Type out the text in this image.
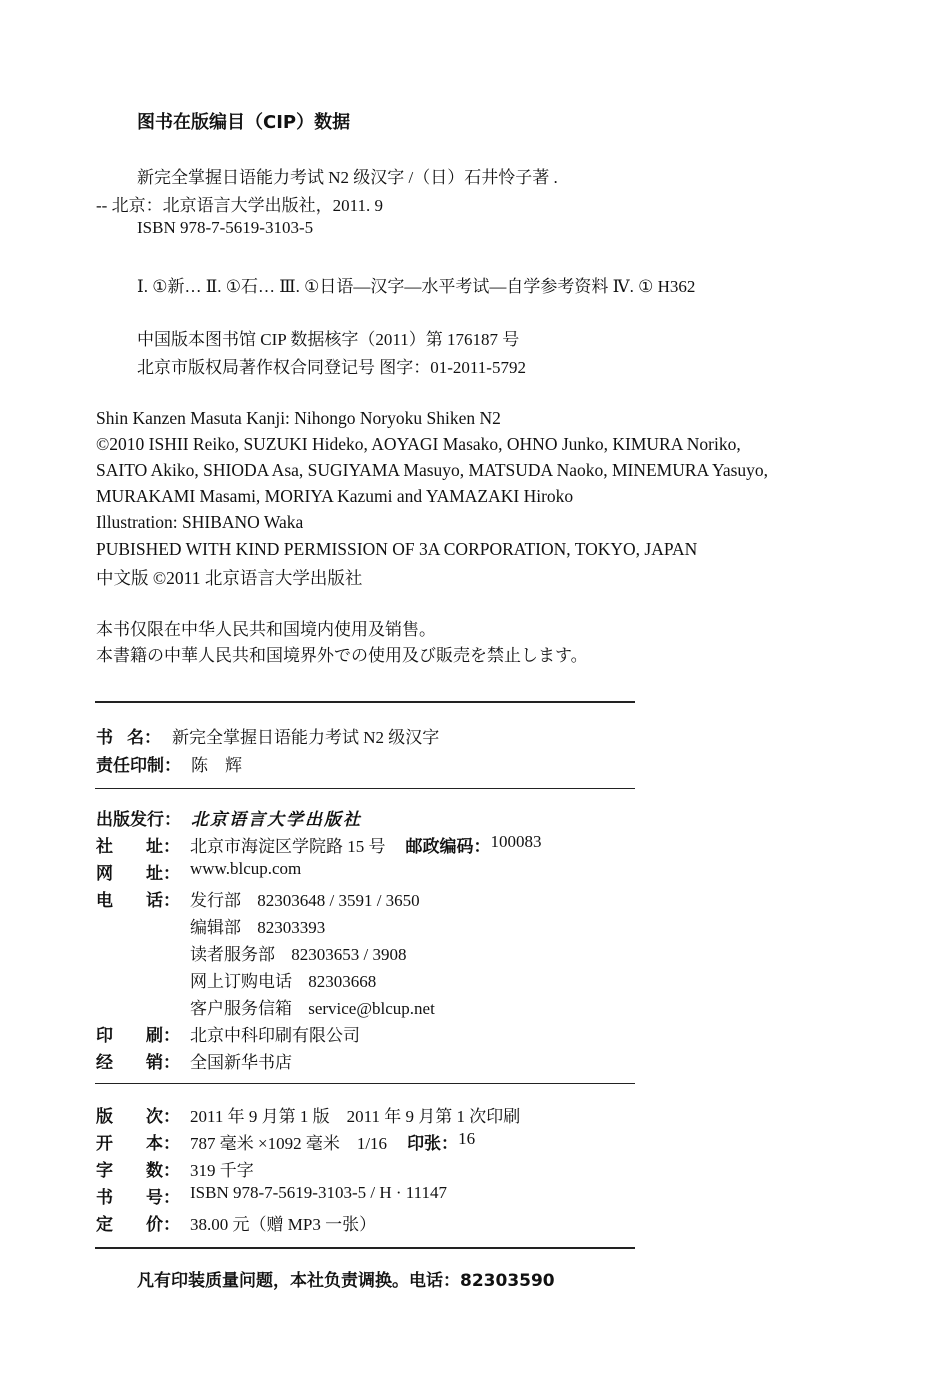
图书在版编目（CIP）数据
新完全掌握日语能力考试 N2 级汉字 /（日）石井怜子著 .
-- 北京：北京语言大学出版社，2011. 9
ISBN 978-7-5619-3103-5
Ⅰ. ①新… Ⅱ. ①石… Ⅲ. ①日语—汉字—水平考试—自学参考资料 Ⅳ. ① H362
中国版本图书馆 CIP 数据核字（2011）第 176187 号
北京市版权局著作权合同登记号 图字：01-2011-5792
Shin Kanzen Masuta Kanji: Nihongo Noryoku Shiken N2
©2010 ISHII Reiko, SUZUKI Hideko, AOYAGI Masako, OHNO Junko, KIMURA Noriko,
SAITO Akiko, SHIODA Asa, SUGIYAMA Masuyo, MATSUDA Naoko, MINEMURA Yasuyo,
MURAKAMI Masami, MORIYA Kazumi and YAMAZAKI Hiroko
Illustration: SHIBANO Waka
PUBISHED WITH KIND PERMISSION OF 3A CORPORATION, TOKYO, JAPAN
中文版 ©2011 北京语言大学出版社
本书仅限在中华人民共和国境内使用及销售。
本書籍の中華人民共和国境界外での使用及び販売を禁止します。
书 名： 新完全掌握日语能力考试 N2 级汉字
责任印制： 陈　辉
出版发行： 北京语言大学出版社
社 址： 北京市海淀区学院路 15 号 邮政编码： 100083
网 址： www.blcup.com
电 话： 发行部 82303648 / 3591 / 3650
编辑部 82303393
读者服务部 82303653 / 3908
网上订购电话 82303668
客户服务信箱 service@blcup.net
印 刷： 北京中科印刷有限公司
经 销： 全国新华书店
版 次： 2011 年 9 月第 1 版　2011 年 9 月第 1 次印刷
开 本： 787 毫米 ×1092 毫米　1/16 印张： 16
字 数： 319 千字
书 号： ISBN 978-7-5619-3103-5 / H · 11147
定 价： 38.00 元（赠 MP3 一张）
凡有印装质量问题，本社负责调换。电话：82303590
